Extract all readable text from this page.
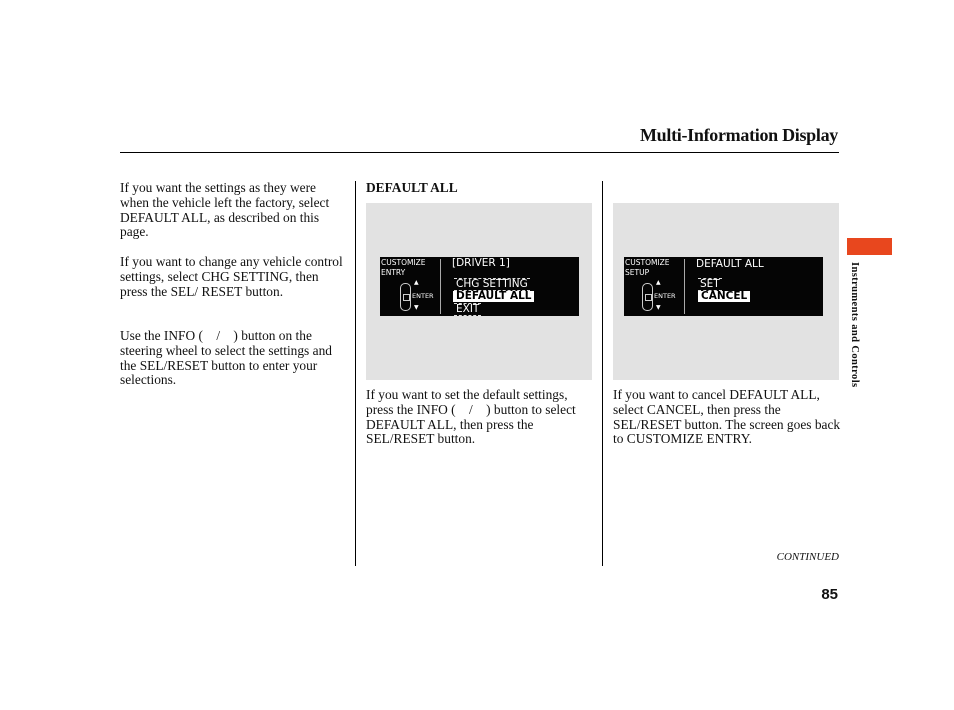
Multi-Information Display

If you want the settings as they were when the vehicle left the factory, select DEFAULT ALL, as described on this page.

If you want to change any vehicle control settings, select CHG SETTING, then press the SEL/ RESET button.

Use the INFO ( / ) button on the steering wheel to select the settings and the SEL/RESET button to enter your selections.

DEFAULT ALL
CUSTOMIZE
ENTRY
▲
ENTER
▼
[DRIVER 1]
CHG SETTING
DEFAULT ALL
EXIT

If you want to set the default settings, press the INFO ( / ) button to select DEFAULT ALL, then press the SEL/RESET button.

CUSTOMIZE
SETUP
▲
ENTER
▼
DEFAULT ALL
SET
CANCEL

If you want to cancel DEFAULT ALL, select CANCEL, then press the SEL/RESET button. The screen goes back to CUSTOMIZE ENTRY.

Instruments and Controls
CONTINUED
85
